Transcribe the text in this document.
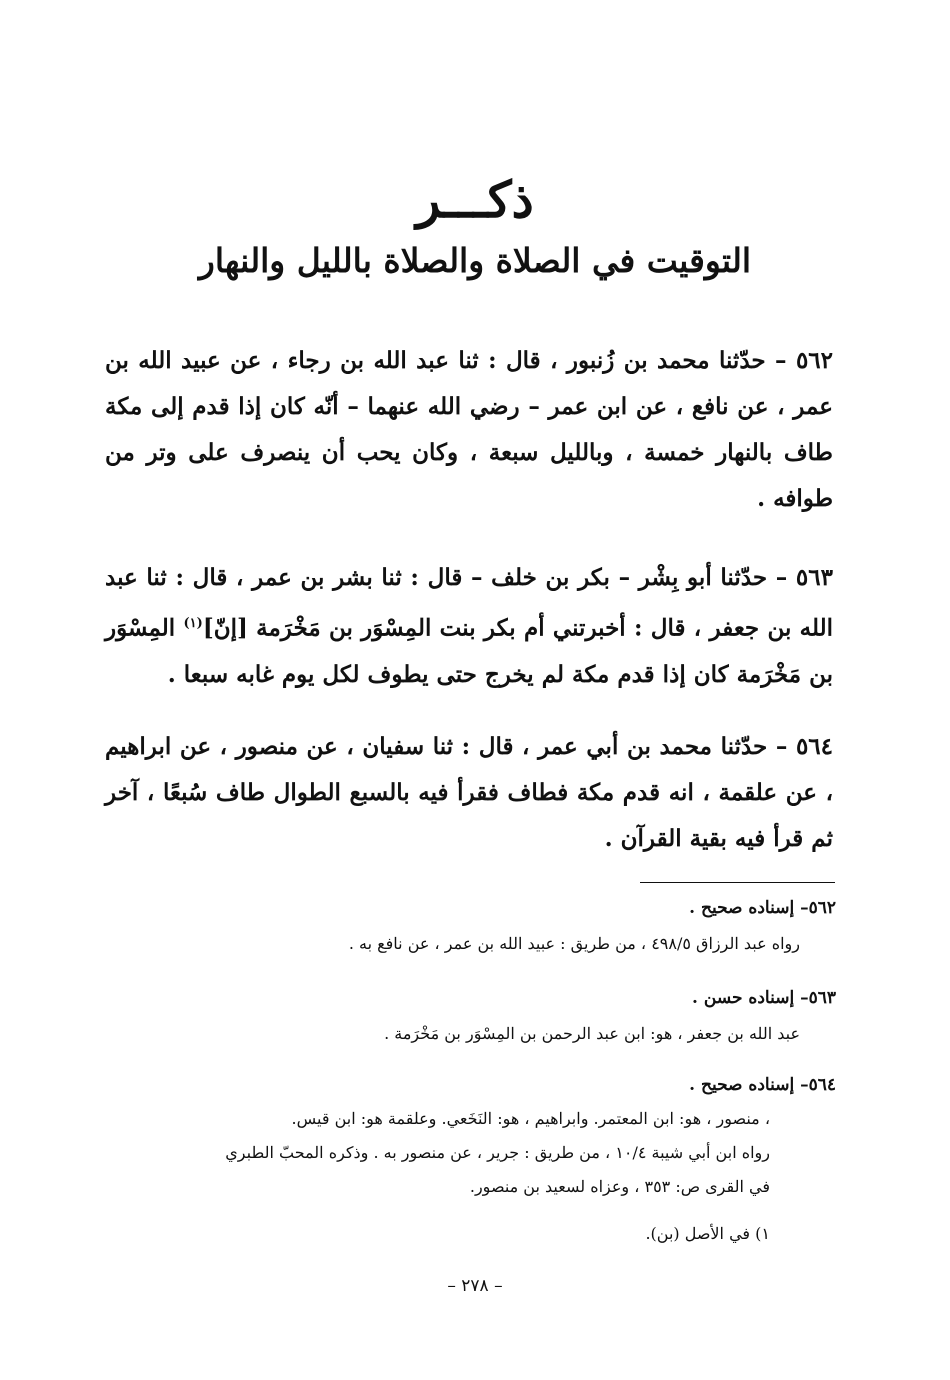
ذكـــر
التوقيت في الصلاة والصلاة بالليل والنهار
٥٦٢ – حدّثنا محمد بن زُنبور ، قال : ثنا عبد الله بن رجاء ، عن عبيد الله بن عمر ، عن نافع ، عن ابن عمر – رضي الله عنهما – أنّه كان إذا قدم إلى مكة طاف بالنهار خمسة ، وبالليل سبعة ، وكان يحب أن ينصرف على وتر من طوافه .
٥٦٣ – حدّثنا أبو بِشْر – بكر بن خلف – قال : ثنا بشر بن عمر ، قال : ثنا عبد الله بن جعفر ، قال : أخبرتني أم بكر بنت المِسْوَر بن مَخْرَمة [إنّ]$^{(١)}$ المِسْوَر بن مَخْرَمة كان إذا قدم مكة لم يخرج حتى يطوف لكل يوم غابه سبعا .
٥٦٤ – حدّثنا محمد بن أبي عمر ، قال : ثنا سفيان ، عن منصور ، عن ابراهيم ، عن علقمة ، انه قدم مكة فطاف فقرأ فيه بالسبع الطوال طاف سُبعًا ، آخر ثم قرأ فيه بقية القرآن .
٥٦٢– إسناده صحيح .
رواه عبد الرزاق ٤٩٨/٥ ، من طريق : عبيد الله بن عمر ، عن نافع به .
٥٦٣– إسناده حسن .
عبد الله بن جعفر ، هو: ابن عبد الرحمن بن المِسْوَر بن مَخْرَمة .
٥٦٤– إسناده صحيح .
، منصور ، هو: ابن المعتمر. وابراهيم ، هو: النَخَعي. وعلقمة هو: ابن قيس.
رواه ابن أبي شيبة ١٠/٤ ، من طريق : جرير ، عن منصور به . وذكره المحبّ الطبري
في القرى ص: ٣٥٣ ، وعزاه لسعيد بن منصور.
١) في الأصل (بن).
– ٢٧٨ –
